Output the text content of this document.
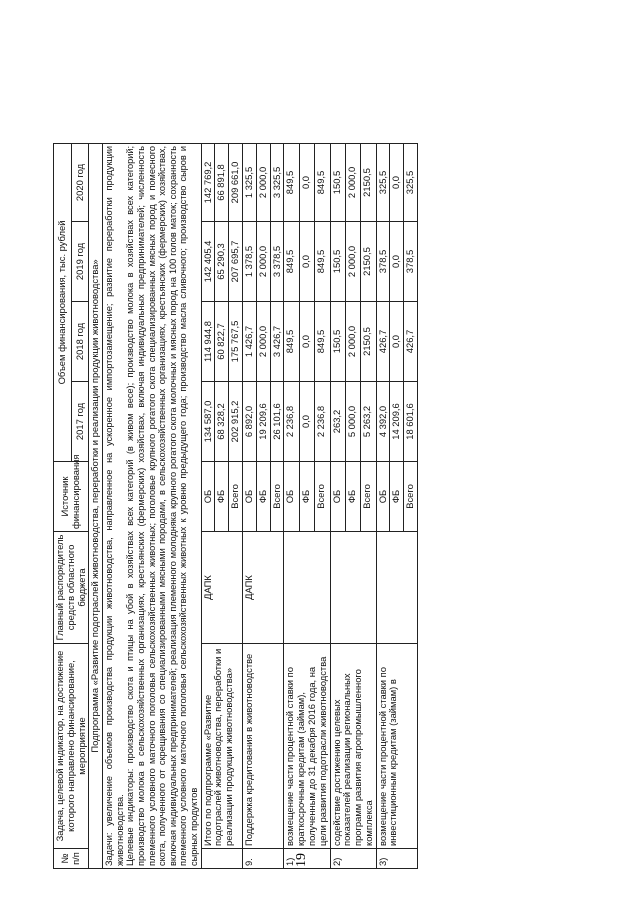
19
№ п/п	Задача, целевой индикатор, на достижение которого направлено финансирование, мероприятие	Главный распорядитель средств областного бюджета	Источник финансирования	Объем финансирования, тыс. рублей			
				2017 год	2018 год	2019 год	2020 год
Подпрограмма «Развитие подотраслей животноводства, переработки и реализации продукции животноводства»							

Задачи: увеличение объемов производства продукции животноводства, направленное на ускоренное импортозамещение; развитие переработки продукции животноводства. Целевые индикаторы: производство скота и птицы на убой в хозяйствах всех категорий (в живом весе); производство молока в хозяйствах всех категорий; производство молока в сельскохозяйственных организациях, крестьянских (фермерских) хозяйствах, включая индивидуальных предпринимателей; численность племенного условного маточного поголовья сельскохозяйственных животных; поголовье крупного рогатого скота специализированных мясных пород и помесного скота, полученного от скрещивания со специализированными мясными породами, в сельскохозяйственных организациях, крестьянских (фермерских) хозяйствах, включая индивидуальных предпринимателей; реализация племенного молодняка крупного рогатого скота молочных и мясных пород на 100 голов маток; сохранность племенного условного маточного поголовья сельскохозяйственных животных к уровню предыдущего года; производство масла сливочного; производство сыров и сырных продуктов							

	Итого по подпрограмме «Развитие подотраслей животноводства, переработки и реализации продукции животноводства»	ДАПК	ОБ	134 587,0	114 944,8	142 405,4	142 769,2
			ФБ	68 328,2	60 822,7	65 290,3	66 891,8
			Всего	202 915,2	175 767,5	207 695,7	209 661,0
9.	Поддержка кредитования в животноводстве	ДАПК	ОБ	6 892,0	1 426,7	1 378,5	1 325,5
			ФБ	19 209,6	2 000,0	2 000,0	2 000,0
			Всего	26 101,6	3 426,7	3 378,5	3 325,5
1)	возмещение части процентной ставки по краткосрочным кредитам (займам), полученным до 31 декабря 2016 года, на цели развития подотрасли животноводства		ОБ	2 236,8	849,5	849,5	849,5
			ФБ	0,0	0,0	0,0	0,0
			Всего	2 236,8	849,5	849,5	849,5
2)	содействие достижению целевых показателей реализации региональных программ развития агропромышленного комплекса		ОБ	263,2	150,5	150,5	150,5
			ФБ	5 000,0	2 000,0	2 000,0	2 000,0
			Всего	5 263,2	2150,5	2150,5	2150,5
3)	возмещение части процентной ставки по инвестиционным кредитам (займам) в		ОБ	4 392,0	426,7	378,5	325,5
			ФБ	14 209,6	0,0	0,0	0,0
			Всего	18 601,6	426,7	378,5	325,5
